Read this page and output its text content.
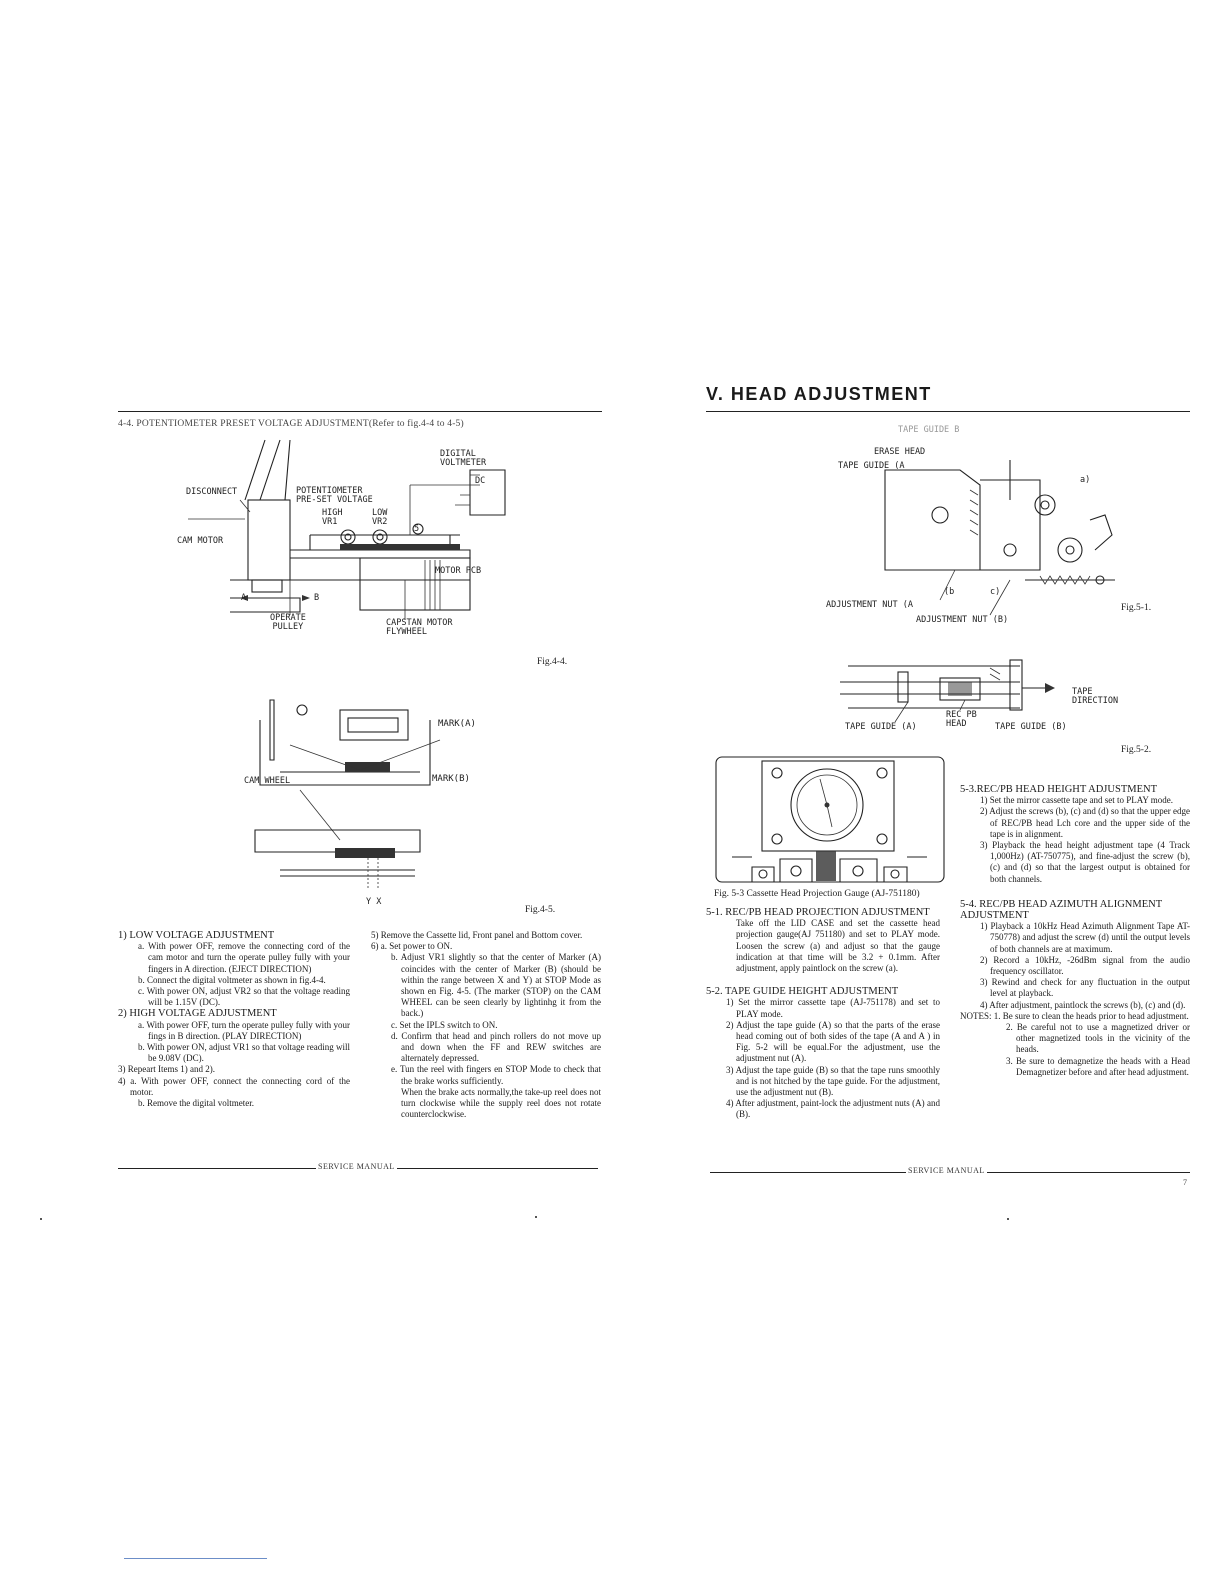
4-4. POTENTIOMETER PRESET VOLTAGE ADJUSTMENT(Refer to fig.4-4 to 4-5)
DIGITAL
VOLTMETER
DISCONNECT	POTENTIOMETER
PRE-SET VOLTAGE
HIGH
VR1
LOW
VR2
DC
CAM MOTOR
MOTOR PCB
A	B
5
OPERATE
PULLEY	CAPSTAN MOTOR
FLYWHEEL
Fig.4-4.
MARK(A)
MARK(B)
CAM WHEEL
Y X
Fig.4-5.

1) LOW VOLTAGE ADJUSTMENT

a. With power OFF, remove the connecting cord of the cam motor and turn the operate pulley fully with your fingers in A direction. (EJECT DIRECTION)

b. Connect the digital voltmeter as shown in fig.4-4.

c. With power ON, adjust VR2 so that the voltage reading will be 1.15V (DC).

2) HIGH VOLTAGE ADJUSTMENT

a. With power OFF, turn the operate pulley fully with your fings in B direction. (PLAY DIRECTION)

b. With power ON, adjust VR1 so that voltage reading will be 9.08V (DC).

3) Repeart Items 1) and 2).

4) a. With power OFF, connect the connecting cord of the motor.

b. Remove the digital voltmeter.

5) Remove the Cassette lid, Front panel and Bottom cover.

6) a. Set power to ON.

b. Adjust VR1 slightly so that the center of Marker (A) coincides with the center of Marker (B) (should be within the range between X and Y) at STOP Mode as shown en Fig. 4-5. (The marker (STOP) on the CAM WHEEL can be seen clearly by lightinhg it from the back.)

c. Set the IPLS switch to ON.

d. Confirm that head and pinch rollers do not move up and down when the FF and REW switches are alternately depressed.

e. Tun the reel with fingers en STOP Mode to check that the brake works sufficiently.

When the brake acts normally,the take-up reel does not turn clockwise while the supply reel does not rotate counterclockwise.

SERVICE MANUAL
V. HEAD ADJUSTMENT
TAPE GUIDE B
ERASE HEAD
TAPE GUIDE (A
a)
(b	c)
ADJUSTMENT NUT (A
ADJUSTMENT NUT (B)
Fig.5-1.
TAPE
DIRECTION
REC PB
HEAD
TAPE GUIDE (A)	TAPE GUIDE (B)
Fig.5-2.
Fig. 5-3 Cassette Head Projection Gauge (AJ-751180)

5-1. REC/PB HEAD PROJECTION ADJUSTMENT

Take off the LID CASE and set the cassette head projection gauge(AJ 751180) and set to PLAY mode. Loosen the screw (a) and adjust so that the gauge indication at that time will be 3.2 + 0.1mm. After adjustment, apply paintlock on the screw (a).

5-2. TAPE GUIDE HEIGHT ADJUSTMENT

1) Set the mirror cassette tape (AJ-751178) and set to PLAY mode.

2) Adjust the tape guide (A) so that the parts of the erase head coming out of both sides of the tape (A and A ) in Fig. 5-2 will be equal.For the adjustment, use the adjustment nut (A).

3) Adjust the tape guide (B) so that the tape runs smoothly and is not hitched by the tape guide. For the adjustment, use the adjustment nut (B).

4) After adjustment, paint-lock the adjustment nuts (A) and (B).

5-3.REC/PB HEAD HEIGHT ADJUSTMENT

1) Set the mirror cassette tape and set to PLAY mode.

2) Adjust the screws (b), (c) and (d) so that the upper edge of REC/PB head Lch core and the upper side of the tape is in alignment.

3) Playback the head height adjustment tape (4 Track 1,000Hz) (AT-750775), and fine-adjust the screw (b), (c) and (d) so that the largest output is obtained for both channels.

5-4. REC/PB HEAD AZIMUTH ALIGNMENT ADJUSTMENT

1) Playback a 10kHz Head Azimuth Alignment Tape AT-750778) and adjust the screw (d) until the output levels of both channels are at maximum.

2) Record a 10kHz, -26dBm signal from the audio frequency oscillator.

3) Rewind and check for any fluctuation in the output level at playback.

4) After adjustment, paintlock the screws (b), (c) and (d).

NOTES: 1. Be sure to clean the heads prior to head adjustment.

2. Be careful not to use a magnetized driver or other magnetized tools in the vicinity of the heads.

3. Be sure to demagnetize the heads with a Head Demagnetizer before and after head adjustment.

SERVICE MANUAL
7
